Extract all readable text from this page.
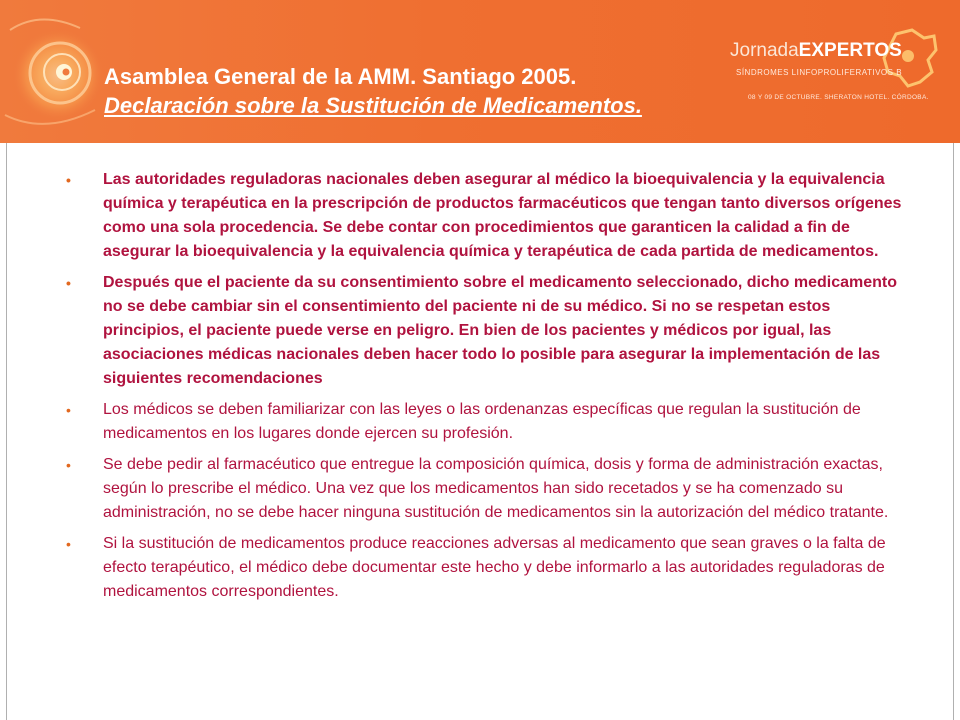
Asamblea General de la AMM. Santiago 2005.
Declaración sobre la Sustitución de Medicamentos.
JornadaEXPERTOS
SÍNDROMES LINFOPROLIFERATIVOS B
08 Y 09 DE OCTUBRE. SHERATON HOTEL. CÓRDOBA.
• Las autoridades reguladoras nacionales deben asegurar al médico la bioequivalencia y la equivalencia química y terapéutica en la prescripción de productos farmacéuticos que tengan tanto diversos orígenes como una sola procedencia. Se debe contar con procedimientos que garanticen la calidad a fin de asegurar la bioequivalencia y la equivalencia química y terapéutica de cada partida de medicamentos.
• Después que el paciente da su consentimiento sobre el medicamento seleccionado, dicho medicamento no se debe cambiar sin el consentimiento del paciente ni de su médico. Si no se respetan estos principios, el paciente puede verse en peligro. En bien de los pacientes y médicos por igual, las asociaciones médicas nacionales deben hacer todo lo posible para asegurar la implementación de las siguientes recomendaciones
• Los médicos se deben familiarizar con las leyes o las ordenanzas específicas que regulan la sustitución de medicamentos en los lugares donde ejercen su profesión.
• Se debe pedir al farmacéutico que entregue la composición química, dosis y forma de administración exactas, según lo prescribe el médico. Una vez que los medicamentos han sido recetados y se ha comenzado su administración, no se debe hacer ninguna sustitución de medicamentos sin la autorización del médico tratante.
• Si la sustitución de medicamentos produce reacciones adversas al medicamento que sean graves o la falta de efecto terapéutico, el médico debe documentar este hecho y debe informarlo a las autoridades reguladoras de medicamentos correspondientes.
